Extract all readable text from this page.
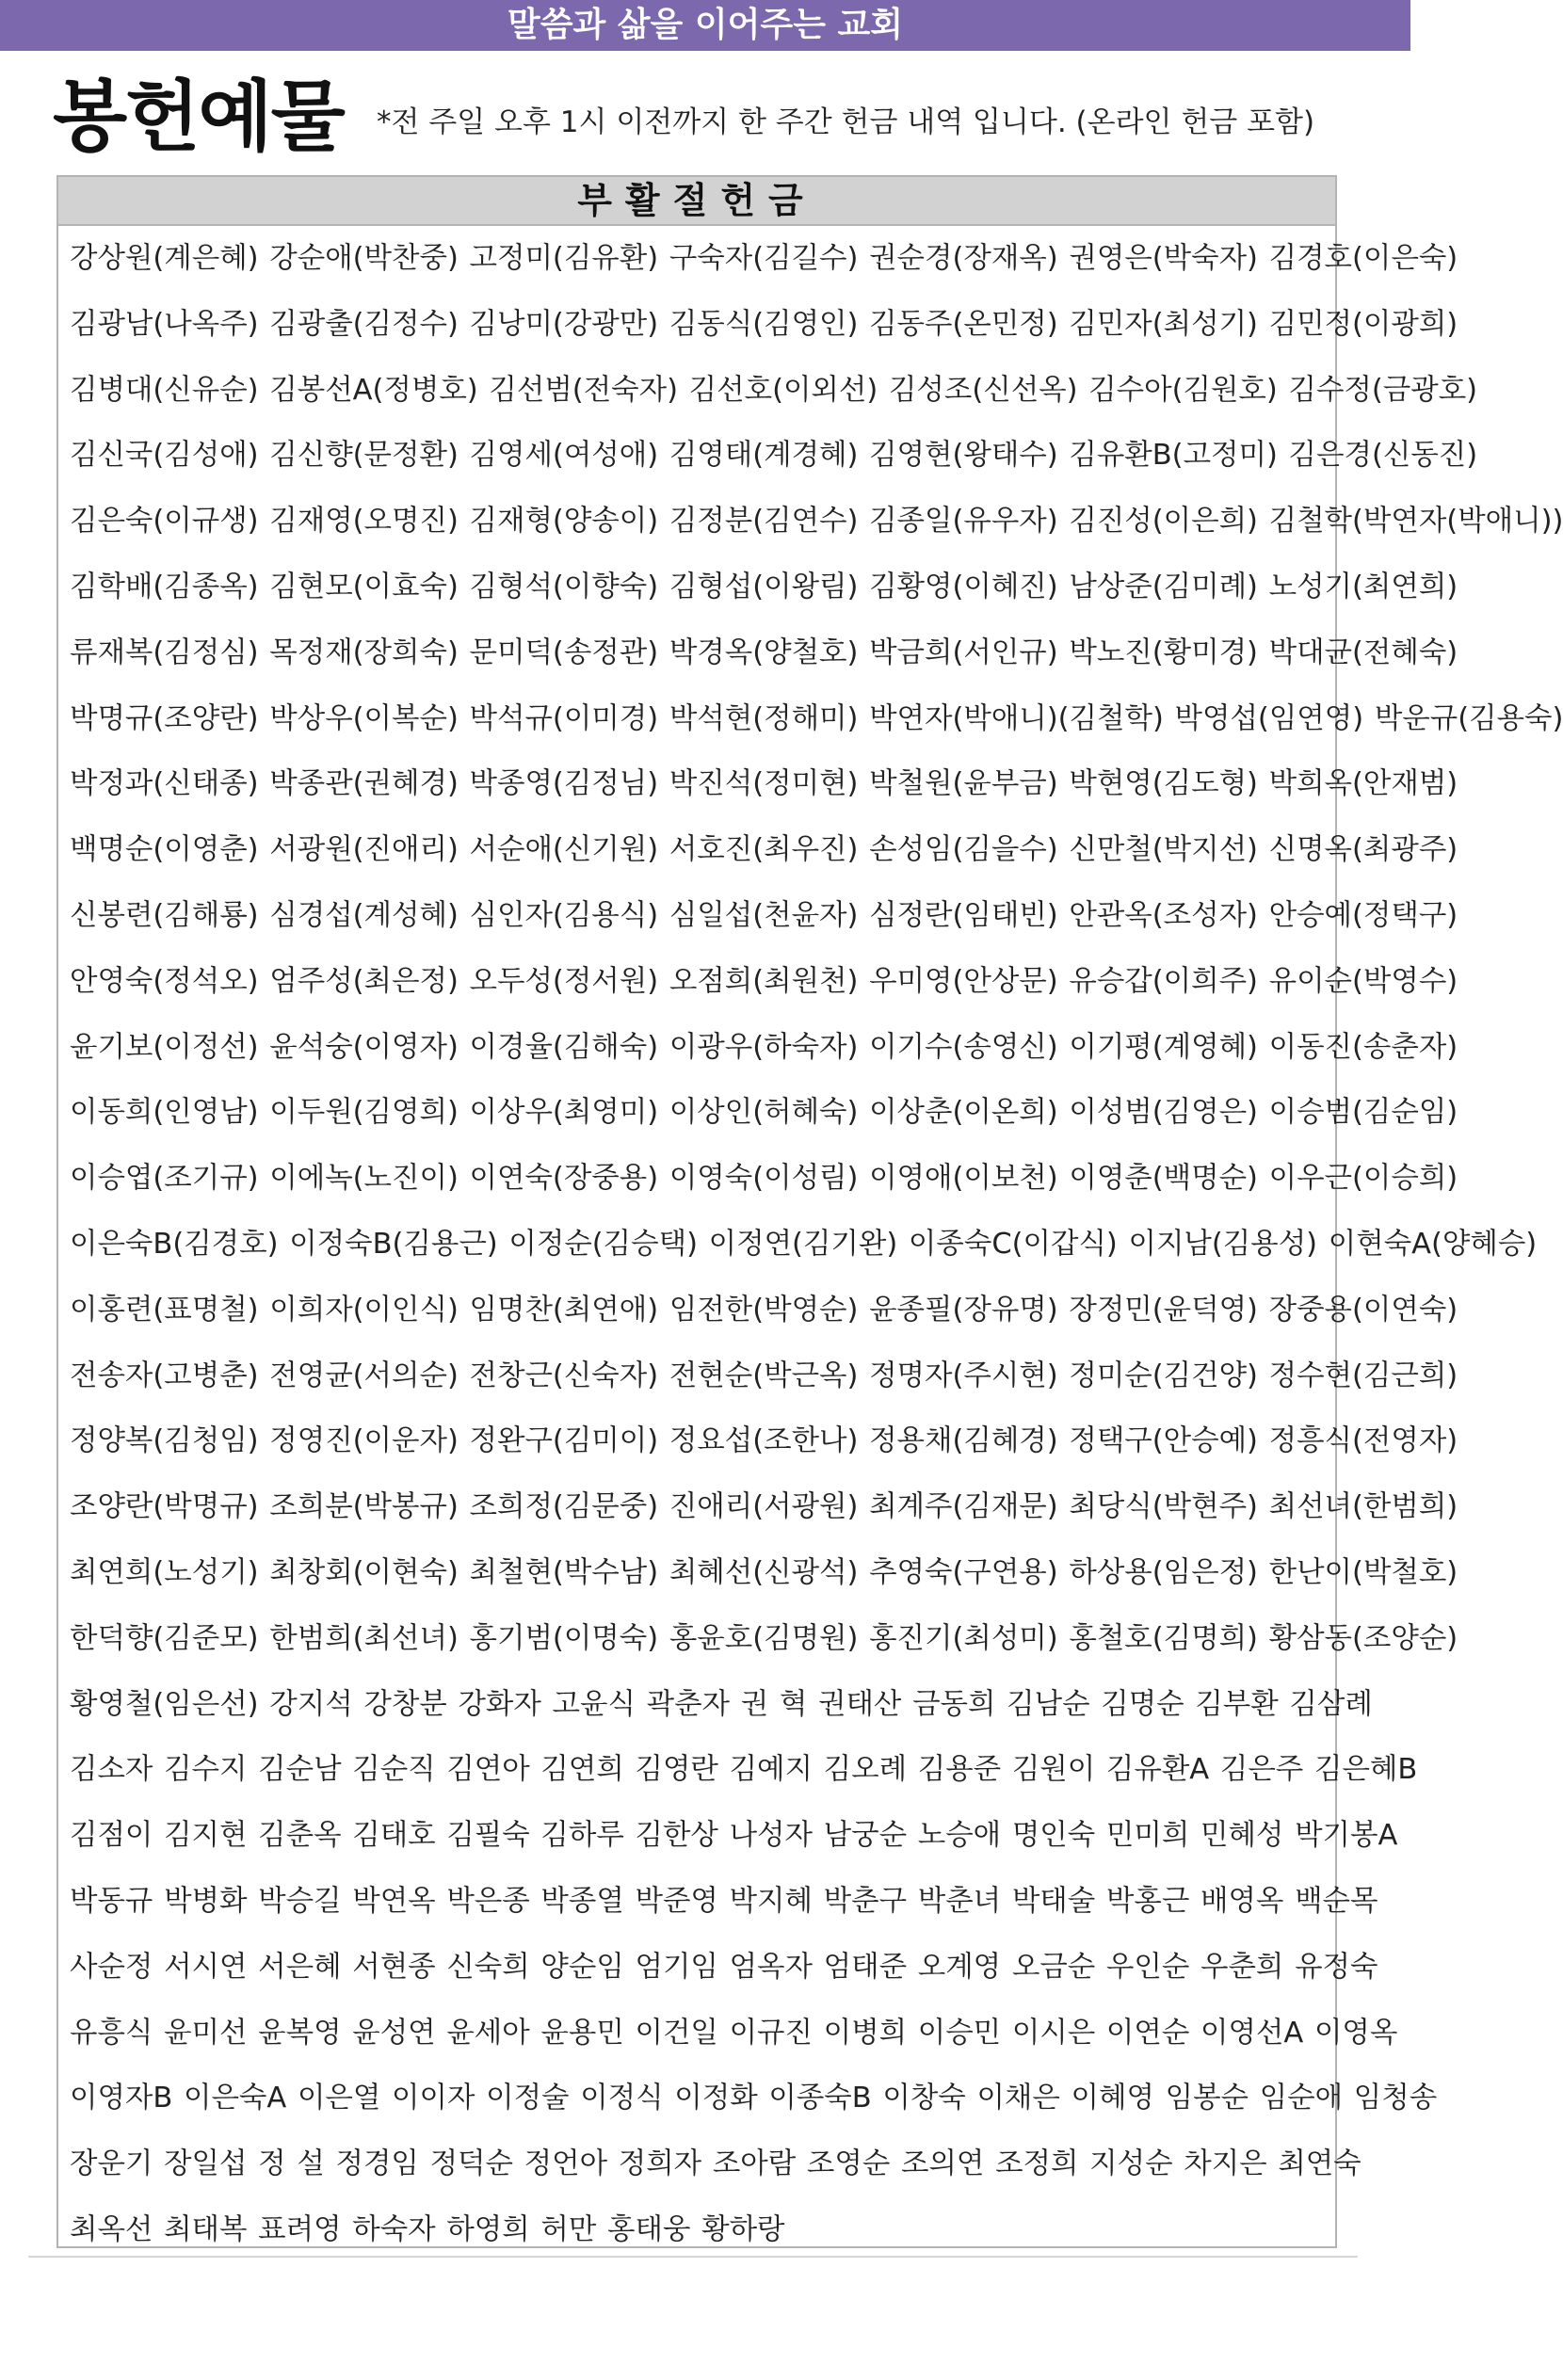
말씀과 삶을 이어주는 교회
봉헌예물 *전 주일 오후 1시 이전까지 한 주간 헌금 내역 입니다. (온라인 헌금 포함)
부활절헌금
강상원(계은혜) 강순애(박찬중) 고정미(김유환) 구숙자(김길수) 권순경(장재옥) 권영은(박숙자) 김경호(이은숙)
김광남(나옥주) 김광출(김정수) 김낭미(강광만) 김동식(김영인) 김동주(온민정) 김민자(최성기) 김민정(이광희)
김병대(신유순) 김봉선A(정병호) 김선범(전숙자) 김선호(이외선) 김성조(신선옥) 김수아(김원호) 김수정(금광호)
김신국(김성애) 김신향(문정환) 김영세(여성애) 김영태(계경혜) 김영현(왕태수) 김유환B(고정미) 김은경(신동진)
김은숙(이규생) 김재영(오명진) 김재형(양송이) 김정분(김연수) 김종일(유우자) 김진성(이은희) 김철학(박연자(박애니))
김학배(김종옥) 김현모(이효숙) 김형석(이향숙) 김형섭(이왕림) 김황영(이혜진) 남상준(김미례) 노성기(최연희)
류재복(김정심) 목정재(장희숙) 문미덕(송정관) 박경옥(양철호) 박금희(서인규) 박노진(황미경) 박대균(전혜숙)
박명규(조양란) 박상우(이복순) 박석규(이미경) 박석현(정해미) 박연자(박애니)(김철학) 박영섭(임연영) 박운규(김용숙)
박정과(신태종) 박종관(권혜경) 박종영(김정님) 박진석(정미현) 박철원(윤부금) 박현영(김도형) 박희옥(안재범)
백명순(이영춘) 서광원(진애리) 서순애(신기원) 서호진(최우진) 손성임(김을수) 신만철(박지선) 신명옥(최광주)
신봉련(김해룡) 심경섭(계성혜) 심인자(김용식) 심일섭(천윤자) 심정란(임태빈) 안관옥(조성자) 안승예(정택구)
안영숙(정석오) 엄주성(최은정) 오두성(정서원) 오점희(최원천) 우미영(안상문) 유승갑(이희주) 유이순(박영수)
윤기보(이정선) 윤석숭(이영자) 이경율(김해숙) 이광우(하숙자) 이기수(송영신) 이기평(계영혜) 이동진(송춘자)
이동희(인영남) 이두원(김영희) 이상우(최영미) 이상인(허혜숙) 이상춘(이온희) 이성범(김영은) 이승범(김순임)
이승엽(조기규) 이에녹(노진이) 이연숙(장중용) 이영숙(이성림) 이영애(이보천) 이영춘(백명순) 이우근(이승희)
이은숙B(김경호) 이정숙B(김용근) 이정순(김승택) 이정연(김기완) 이종숙C(이갑식) 이지남(김용성) 이현숙A(양혜승)
이홍련(표명철) 이희자(이인식) 임명찬(최연애) 임전한(박영순) 윤종필(장유명) 장정민(윤덕영) 장중용(이연숙)
전송자(고병춘) 전영균(서의순) 전창근(신숙자) 전현순(박근옥) 정명자(주시현) 정미순(김건양) 정수현(김근희)
정양복(김청임) 정영진(이운자) 정완구(김미이) 정요섭(조한나) 정용채(김혜경) 정택구(안승예) 정흥식(전영자)
조양란(박명규) 조희분(박봉규) 조희정(김문중) 진애리(서광원) 최계주(김재문) 최당식(박현주) 최선녀(한범희)
최연희(노성기) 최창회(이현숙) 최철현(박수남) 최혜선(신광석) 추영숙(구연용) 하상용(임은정) 한난이(박철호)
한덕향(김준모) 한범희(최선녀) 홍기범(이명숙) 홍윤호(김명원) 홍진기(최성미) 홍철호(김명희) 황삼동(조양순)
황영철(임은선) 강지석 강창분 강화자 고윤식 곽춘자 권 혁 권태산 금동희 김남순 김명순 김부환 김삼례
김소자 김수지 김순남 김순직 김연아 김연희 김영란 김예지 김오례 김용준 김원이 김유환A 김은주 김은혜B
김점이 김지현 김춘옥 김태호 김필숙 김하루 김한상 나성자 남궁순 노승애 명인숙 민미희 민혜성 박기봉A
박동규 박병화 박승길 박연옥 박은종 박종열 박준영 박지혜 박춘구 박춘녀 박태술 박홍근 배영옥 백순목
사순정 서시연 서은혜 서현종 신숙희 양순임 엄기임 엄옥자 엄태준 오계영 오금순 우인순 우춘희 유정숙
유흥식 윤미선 윤복영 윤성연 윤세아 윤용민 이건일 이규진 이병희 이승민 이시은 이연순 이영선A 이영옥
이영자B 이은숙A 이은열 이이자 이정술 이정식 이정화 이종숙B 이창숙 이채은 이혜영 임봉순 임순애 임청송
장운기 장일섭 정 설 정경임 정덕순 정언아 정희자 조아람 조영순 조의연 조정희 지성순 차지은 최연숙
최옥선 최태복 표려영 하숙자 하영희 허만 홍태웅 황하랑
